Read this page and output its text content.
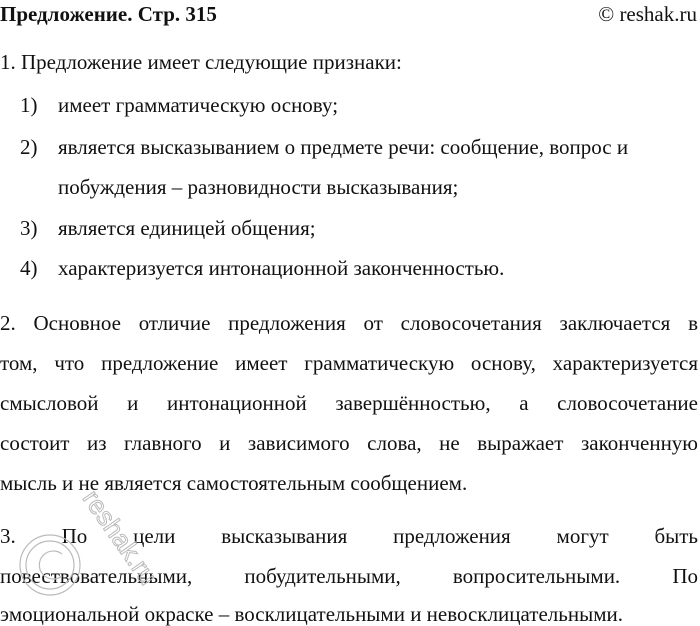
Предложение. Стр. 315	© reshak.ru
1. Предложение имеет следующие признаки:
1) имеет грамматическую основу;
2) является высказыванием о предмете речи: сообщение, вопрос и
побуждения – разновидности высказывания;
3) является единицей общения;
4) характеризуется интонационной законченностью.
2. Основное отличие предложения от словосочетания заключается в
том, что предложение имеет грамматическую основу, характеризуется
смысловой и интонационной завершённостью, а словосочетание
состоит из главного и зависимого слова, не выражает законченную
мысль и не является самостоятельным сообщением.
3. По цели высказывания предложения могут быть
повествовательными, побудительными, вопросительными. По
эмоциональной окраске – восклицательными и невосклицательными.
reshak.ru
